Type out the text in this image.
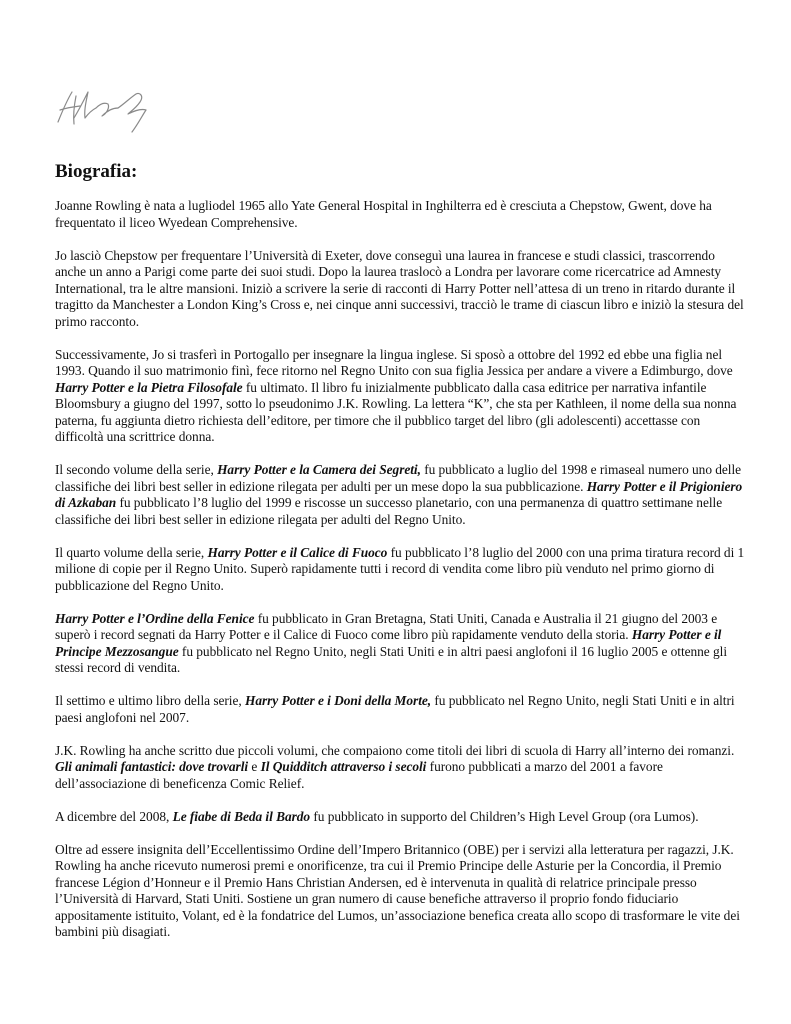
Biografia:

Joanne Rowling è nata a lugliodel 1965 allo Yate General Hospital in Inghilterra ed è cresciuta a Chepstow, Gwent, dove ha frequentato il liceo Wyedean Comprehensive.

Jo lasciò Chepstow per frequentare l’Università di Exeter, dove conseguì una laurea in francese e studi classici, trascorrendo anche un anno a Parigi come parte dei suoi studi. Dopo la laurea traslocò a Londra per lavorare come ricercatrice ad Amnesty International, tra le altre mansioni. Iniziò a scrivere la serie di racconti di Harry Potter nell’attesa di un treno in ritardo durante il tragitto da Manchester a London King’s Cross e, nei cinque anni successivi, tracciò le trame di ciascun libro e iniziò la stesura del primo racconto.

Successivamente, Jo si trasferì in Portogallo per insegnare la lingua inglese. Si sposò a ottobre del 1992 ed ebbe una figlia nel 1993. Quando il suo matrimonio finì, fece ritorno nel Regno Unito con sua figlia Jessica per andare a vivere a Edimburgo, dove Harry Potter e la Pietra Filosofale fu ultimato. Il libro fu inizialmente pubblicato dalla casa editrice per narrativa infantile Bloomsbury a giugno del 1997, sotto lo pseudonimo J.K. Rowling. La lettera “K”, che sta per Kathleen, il nome della sua nonna paterna, fu aggiunta dietro richiesta dell’editore, per timore che il pubblico target del libro (gli adolescenti) accettasse con difficoltà una scrittrice donna.

Il secondo volume della serie, Harry Potter e la Camera dei Segreti, fu pubblicato a luglio del 1998 e rimaseal numero uno delle classifiche dei libri best seller in edizione rilegata per adulti per un mese dopo la sua pubblicazione. Harry Potter e il Prigioniero di Azkaban fu pubblicato l’8 luglio del 1999 e riscosse un successo planetario, con una permanenza di quattro settimane nelle classifiche dei libri best seller in edizione rilegata per adulti del Regno Unito.

Il quarto volume della serie, Harry Potter e il Calice di Fuoco fu pubblicato l’8 luglio del 2000 con una prima tiratura record di 1 milione di copie per il Regno Unito. Superò rapidamente tutti i record di vendita come libro più venduto nel primo giorno di pubblicazione del Regno Unito.

Harry Potter e l’Ordine della Fenice fu pubblicato in Gran Bretagna, Stati Uniti, Canada e Australia il 21 giugno del 2003 e superò i record segnati da Harry Potter e il Calice di Fuoco come libro più rapidamente venduto della storia. Harry Potter e il Principe Mezzosangue fu pubblicato nel Regno Unito, negli Stati Uniti e in altri paesi anglofoni il 16 luglio 2005 e ottenne gli stessi record di vendita.

Il settimo e ultimo libro della serie, Harry Potter e i Doni della Morte, fu pubblicato nel Regno Unito, negli Stati Uniti e in altri paesi anglofoni nel 2007.

J.K. Rowling ha anche scritto due piccoli volumi, che compaiono come titoli dei libri di scuola di Harry all’interno dei romanzi. Gli animali fantastici: dove trovarli e Il Quidditch attraverso i secoli furono pubblicati a marzo del 2001 a favore dell’associazione di beneficenza Comic Relief.

A dicembre del 2008, Le fiabe di Beda il Bardo fu pubblicato in supporto del Children’s High Level Group (ora Lumos).

Oltre ad essere insignita dell’Eccellentissimo Ordine dell’Impero Britannico (OBE) per i servizi alla letteratura per ragazzi, J.K. Rowling ha anche ricevuto numerosi premi e onorificenze, tra cui il Premio Principe delle Asturie per la Concordia, il Premio francese Légion d’Honneur e il Premio Hans Christian Andersen, ed è intervenuta in qualità di relatrice principale presso l’Università di Harvard, Stati Uniti. Sostiene un gran numero di cause benefiche attraverso il proprio fondo fiduciario appositamente istituito, Volant, ed è la fondatrice del Lumos, un’associazione benefica creata allo scopo di trasformare le vite dei bambini più disagiati.
